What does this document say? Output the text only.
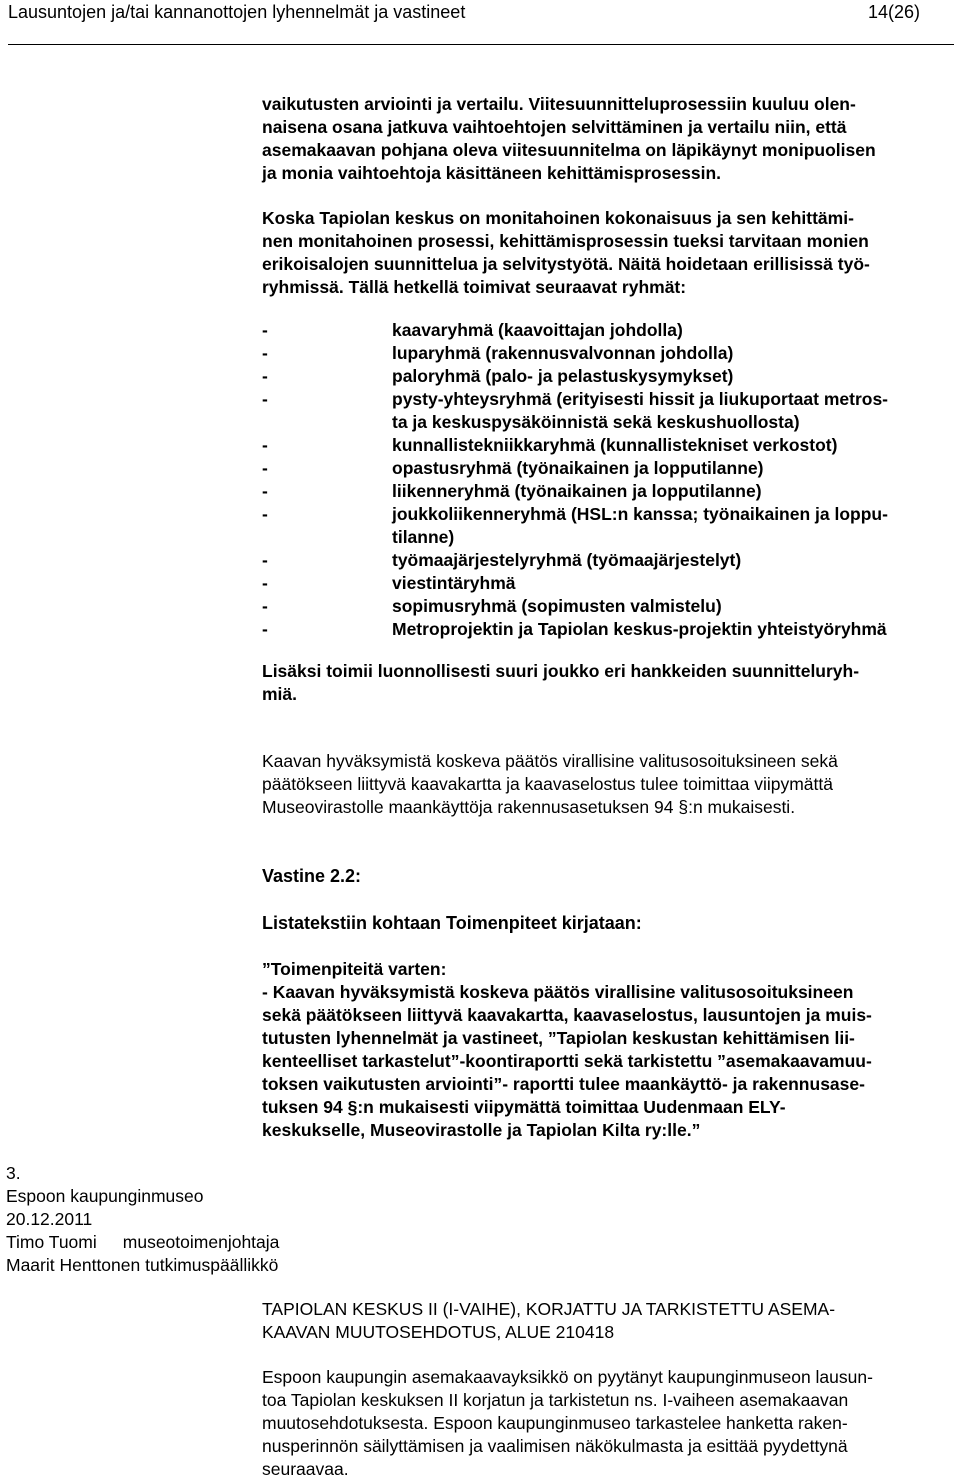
Lausuntojen ja/tai kannanottojen lyhennelmät ja vastineet	14(26)
vaikutusten arviointi ja vertailu. Viitesuunnitteluprosessiin kuuluu olen-
naisena osana jatkuva vaihtoehtojen selvittäminen ja vertailu niin, että
asemakaavan pohjana oleva viitesuunnitelma on läpikäynyt monipuolisen
ja monia vaihtoehtoja käsittäneen kehittämisprosessin.
Koska Tapiolan keskus on monitahoinen kokonaisuus ja sen kehittämi-
nen monitahoinen prosessi, kehittämisprosessin tueksi tarvitaan monien
erikoisalojen suunnittelua ja selvitystyötä. Näitä hoidetaan erillisissä työ-
ryhmissä. Tällä hetkellä toimivat seuraavat ryhmät:
-	kaavaryhmä (kaavoittajan johdolla)
-	luparyhmä (rakennusvalvonnan johdolla)
-	paloryhmä (palo- ja pelastuskysymykset)
-	pysty-yhteysryhmä (erityisesti hissit ja liukuportaat metros-
ta ja keskuspysäköinnistä sekä keskushuollosta)
-	kunnallistekniikkaryhmä (kunnallistekniset verkostot)
-	opastusryhmä (työnaikainen ja lopputilanne)
-	liikenneryhmä (työnaikainen ja lopputilanne)
-	joukkoliikenneryhmä (HSL:n kanssa; työnaikainen ja loppu-
tilanne)
-	työmaajärjestelyryhmä (työmaajärjestelyt)
-	viestintäryhmä
-	sopimusryhmä (sopimusten valmistelu)
-	Metroprojektin ja Tapiolan keskus-projektin yhteistyöryhmä
Lisäksi toimii luonnollisesti suuri joukko eri hankkeiden suunnitteluryh-
miä.
Kaavan hyväksymistä koskeva päätös virallisine valitusosoituksineen sekä
päätökseen liittyvä kaavakartta ja kaavaselostus tulee toimittaa viipymättä
Museovirastolle maankäyttöja rakennusasetuksen 94 §:n mukaisesti.
Vastine 2.2:
Listatekstiin kohtaan Toimenpiteet kirjataan:
”Toimenpiteitä varten:
- Kaavan hyväksymistä koskeva päätös virallisine valitusosoituksineen
sekä päätökseen liittyvä kaavakartta, kaavaselostus, lausuntojen ja muis-
tutusten lyhennelmät ja vastineet, ”Tapiolan keskustan kehittämisen lii-
kenteelliset tarkastelut”-koontiraportti sekä tarkistettu ”asemakaavamuu-
toksen vaikutusten arviointi”- raportti tulee maankäyttö- ja rakennusase-
tuksen 94 §:n mukaisesti viipymättä toimittaa Uudenmaan ELY-
keskukselle, Museovirastolle ja Tapiolan Kilta ry:lle.”
3.
Espoon kaupunginmuseo
20.12.2011
Timo Tuomi museotoimenjohtaja
Maarit Henttonen tutkimuspäällikkö
TAPIOLAN KESKUS II (I-VAIHE), KORJATTU JA TARKISTETTU ASEMA-
KAAVAN MUUTOSEHDOTUS, ALUE 210418
Espoon kaupungin asemakaavayksikkö on pyytänyt kaupunginmuseon lausun-
toa Tapiolan keskuksen II korjatun ja tarkistetun ns. I-vaiheen asemakaavan
muutosehdotuksesta. Espoon kaupunginmuseo tarkastelee hanketta raken-
nusperinnön säilyttämisen ja vaalimisen näkökulmasta ja esittää pyydettynä
seuraavaa.
